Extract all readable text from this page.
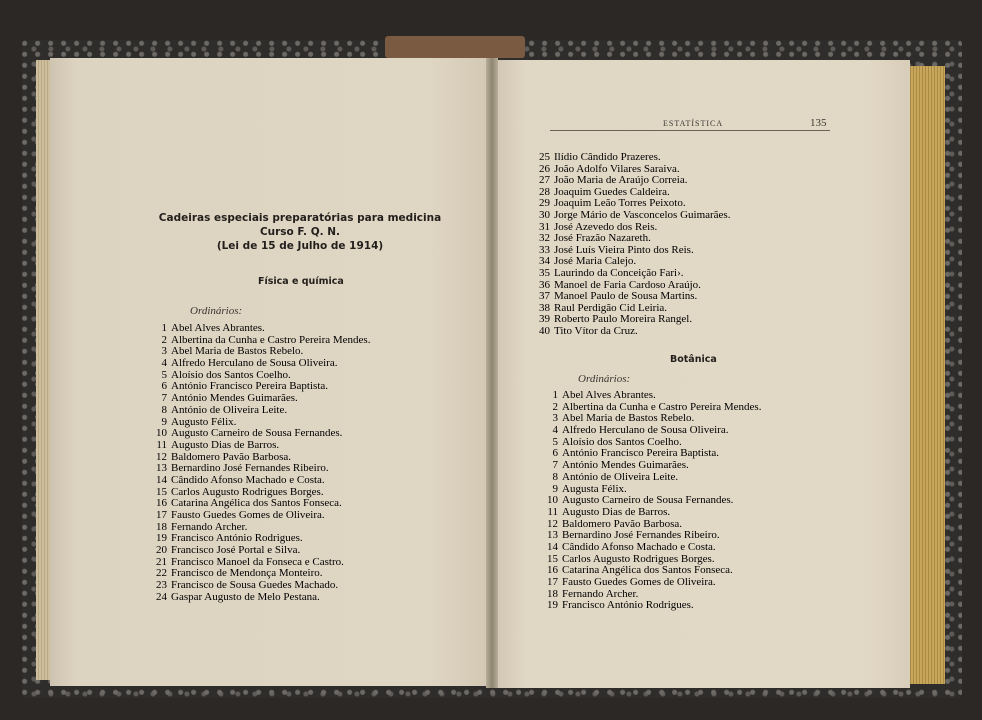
Cadeiras especiais preparatórias para medicina
Curso F. Q. N.
(Lei de 15 de Julho de 1914)
Física e química
Ordinários:
1 Abel Alves Abrantes.
2 Albertina da Cunha e Castro Pereira Mendes.
3 Abel Maria de Bastos Rebelo.
4 Alfredo Herculano de Sousa Oliveira.
5 Aloísio dos Santos Coelho.
6 António Francisco Pereira Baptista.
7 António Mendes Guimarães.
8 António de Oliveira Leite.
9 Augusto Félix.
10 Augusto Carneiro de Sousa Fernandes.
11 Augusto Dias de Barros.
12 Baldomero Pavão Barbosa.
13 Bernardino José Fernandes Ribeiro.
14 Cândido Afonso Machado e Costa.
15 Carlos Augusto Rodrigues Borges.
16 Catarina Angélica dos Santos Fonseca.
17 Fausto Guedes Gomes de Oliveira.
18 Fernando Archer.
19 Francisco António Rodrigues.
20 Francisco José Portal e Silva.
21 Francisco Manoel da Fonseca e Castro.
22 Francisco de Mendonça Monteiro.
23 Francisco de Sousa Guedes Machado.
24 Gaspar Augusto de Melo Pestana.
ESTATÍSTICA	135
25 Ilídio Cândido Prazeres.
26 João Adolfo Vilares Saraiva.
27 João Maria de Araújo Correia.
28 Joaquim Guedes Caldeira.
29 Joaquim Leão Torres Peixoto.
30 Jorge Mário de Vasconcelos Guimarães.
31 José Azevedo dos Reis.
32 José Frazão Nazareth.
33 José Luís Vieira Pinto dos Reis.
34 José Maria Calejo.
35 Laurindo da Conceição Fari›.
36 Manoel de Faria Cardoso Araújo.
37 Manoel Paulo de Sousa Martins.
38 Raul Perdigão Cid Leiria.
39 Roberto Paulo Moreira Rangel.
40 Tito Vítor da Cruz.
Botânica
Ordinários:
1 Abel Alves Abrantes.
2 Albertina da Cunha e Castro Pereira Mendes.
3 Abel Maria de Bastos Rebelo.
4 Alfredo Herculano de Sousa Oliveira.
5 Aloísio dos Santos Coelho.
6 António Francisco Pereira Baptista.
7 António Mendes Guimarães.
8 António de Oliveira Leite.
9 Augusta Félix.
10 Augusto Carneiro de Sousa Fernandes.
11 Augusto Dias de Barros.
12 Baldomero Pavão Barbosa.
13 Bernardino José Fernandes Ribeiro.
14 Cândido Afonso Machado e Costa.
15 Carlos Augusto Rodrigues Borges.
16 Catarina Angélica dos Santos Fonseca.
17 Fausto Guedes Gomes de Oliveira.
18 Fernando Archer.
19 Francisco António Rodrigues.
